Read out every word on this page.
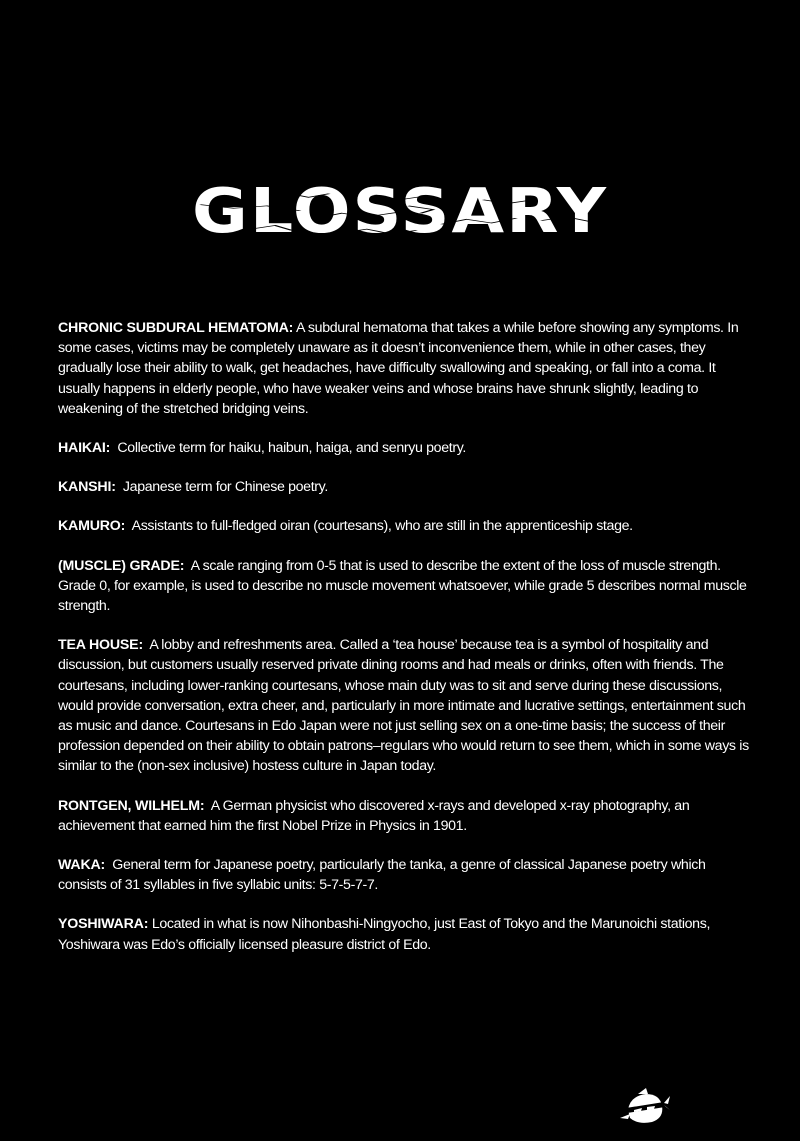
GLOSSARY

CHRONIC SUBDURAL HEMATOMA: A subdural hematoma that takes a while before showing any symptoms. In some cases, victims may be completely unaware as it doesn’t inconvenience them, while in other cases, they gradually lose their ability to walk, get headaches, have difficulty swallowing and speaking, or fall into a coma. It usually happens in elderly people, who have weaker veins and whose brains have shrunk slightly, leading to weakening of the stretched bridging veins.

HAIKAI: Collective term for haiku, haibun, haiga, and senryu poetry.

KANSHI: Japanese term for Chinese poetry.

KAMURO: Assistants to full-fledged oiran (courtesans), who are still in the apprenticeship stage.

(MUSCLE) GRADE: A scale ranging from 0-5 that is used to describe the extent of the loss of muscle strength. Grade 0, for example, is used to describe no muscle movement whatsoever, while grade 5 describes normal muscle strength.

TEA HOUSE: A lobby and refreshments area. Called a ‘tea house’ because tea is a symbol of hospitality and discussion, but customers usually reserved private dining rooms and had meals or drinks, often with friends. The courtesans, including lower-ranking courtesans, whose main duty was to sit and serve during these discussions, would provide conversation, extra cheer, and, particularly in more intimate and lucrative settings, entertainment such as music and dance. Courtesans in Edo Japan were not just selling sex on a one-time basis; the success of their profession depended on their ability to obtain patrons–regulars who would return to see them, which in some ways is similar to the (non-sex inclusive) hostess culture in Japan today.

RONTGEN, WILHELM: A German physicist who discovered x-rays and developed x-ray photography, an achievement that earned him the first Nobel Prize in Physics in 1901.

WAKA: General term for Japanese poetry, particularly the tanka, a genre of classical Japanese poetry which consists of 31 syllables in five syllabic units: 5-7-5-7-7.

YOSHIWARA: Located in what is now Nihonbashi-Ningyocho, just East of Tokyo and the Marunoichi stations, Yoshiwara was Edo’s officially licensed pleasure district of Edo.
